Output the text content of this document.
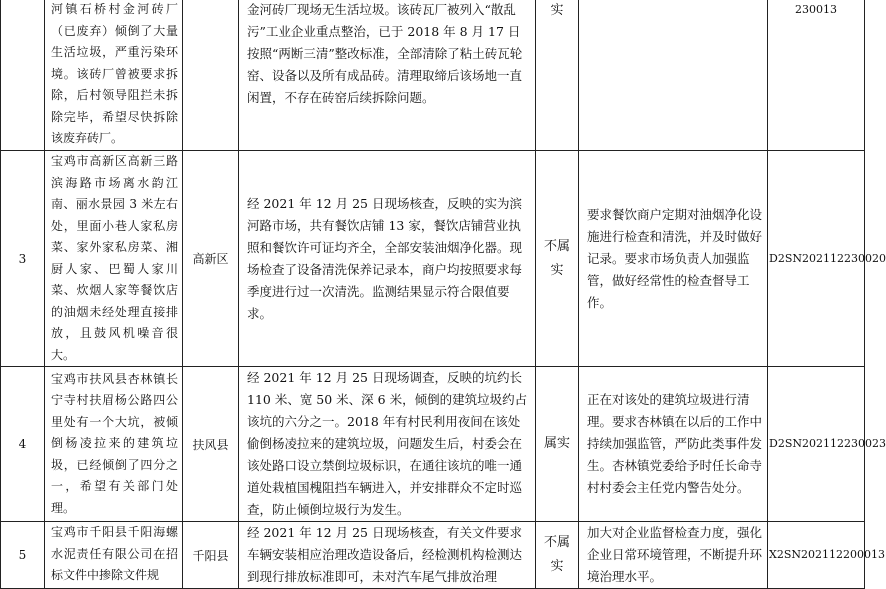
	河镇石桥村金河砖厂（已废弃）倾倒了大量生活垃圾，严重污染环境。该砖厂曾被要求拆除，后村领导阻拦未拆除完毕，希望尽快拆除该废弃砖厂。		金河砖厂现场无生活垃圾。该砖瓦厂被列入“散乱污”工业企业重点整治，已于 2018 年 8 月 17 日按照“两断三清”整改标准，全部清除了粘土砖瓦轮窑、设备以及所有成品砖。清理取缔后该场地一直闲置，不存在砖窑后续拆除问题。	实		230013
3	宝鸡市高新区高新三路滨海路市场离水韵江南、丽水景园 3 米左右处，里面小巷人家私房菜、家外家私房菜、湘厨人家、巴蜀人家川菜、炊烟人家等餐饮店的油烟未经处理直接排放，且鼓风机噪音很大。	高新区	经 2021 年 12 月 25 日现场核查，反映的实为滨河路市场，共有餐饮店铺 13 家，餐饮店铺营业执照和餐饮许可证均齐全，全部安装油烟净化器。现场检查了设备清洗保养记录本，商户均按照要求每季度进行过一次清洗。监测结果显示符合限值要求。	不属实	要求餐饮商户定期对油烟净化设施进行检查和清洗，并及时做好记录。要求市场负责人加强监管，做好经常性的检查督导工作。	D2SN202112230020
4	宝鸡市扶风县杏林镇长宁寺村扶眉杨公路四公里处有一个大坑，被倾倒杨凌拉来的建筑垃圾，已经倾倒了四分之一，希望有关部门处理。	扶风县	经 2021 年 12 月 25 日现场调查，反映的坑约长 110 米、宽 50 米、深 6 米，倾倒的建筑垃圾约占该坑的六分之一。2018 年有村民利用夜间在该处偷倒杨凌拉来的建筑垃圾，问题发生后，村委会在该处路口设立禁倒垃圾标识，在通往该坑的唯一通道处栽植国槐阻挡车辆进入，并安排群众不定时巡查，防止倾倒垃圾行为发生。	属实	正在对该处的建筑垃圾进行清理。要求杏林镇在以后的工作中持续加强监管，严防此类事件发生。杏林镇党委给予时任长命寺村村委会主任党内警告处分。	D2SN202112230023
5	宝鸡市千阳县千阳海螺水泥责任有限公司在招标文件中掺除文件规	千阳县	经 2021 年 12 月 25 日现场核查，有关文件要求车辆安装相应治理改造设备后，经检测机构检测达到现行排放标准即可，未对汽车尾气排放治理	不属实	加大对企业监督检查力度，强化企业日常环境管理，不断提升环境治理水平。	X2SN202112200013
